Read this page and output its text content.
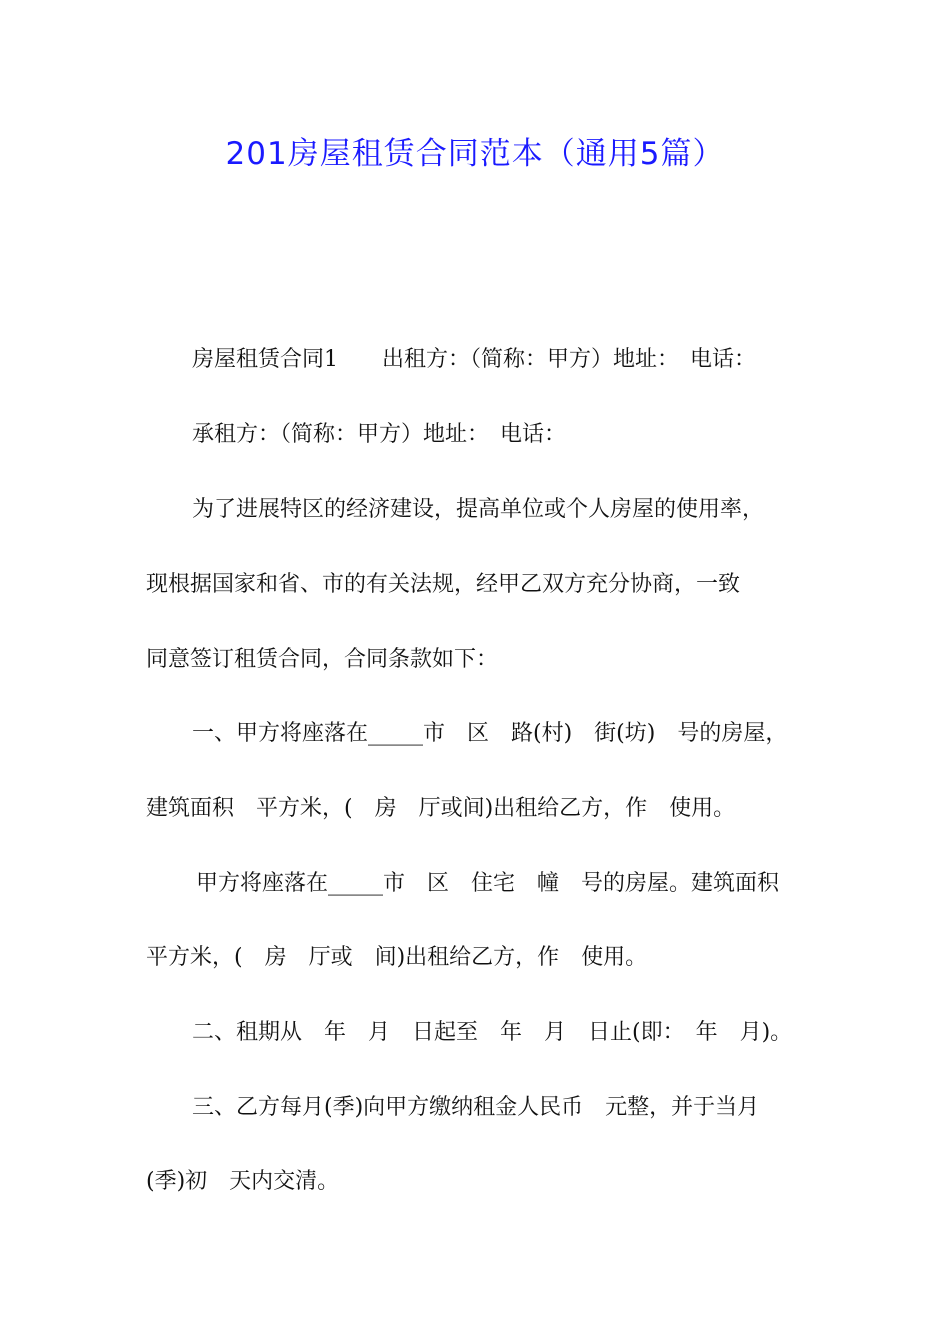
201房屋租赁合同范本（通用5篇）
房屋租赁合同1　　出租方：（简称：甲方）地址：　电话：
承租方：（简称：甲方）地址：　电话：
为了进展特区的经济建设，提高单位或个人房屋的使用率，
现根据国家和省、市的有关法规，经甲乙双方充分协商，一致
同意签订租赁合同，合同条款如下：
一、甲方将座落在_____市　区　路(村)　街(坊)　号的房屋，
建筑面积　平方米，(　房　厅或间)出租给乙方，作　使用。
甲方将座落在_____市　区　住宅　幢　号的房屋。建筑面积
平方米，(　房　厅或　间)出租给乙方，作　使用。
二、租期从　年　月　日起至　年　月　日止(即：　年　月)。
三、乙方每月(季)向甲方缴纳租金人民币　元整，并于当月
(季)初　天内交清。
